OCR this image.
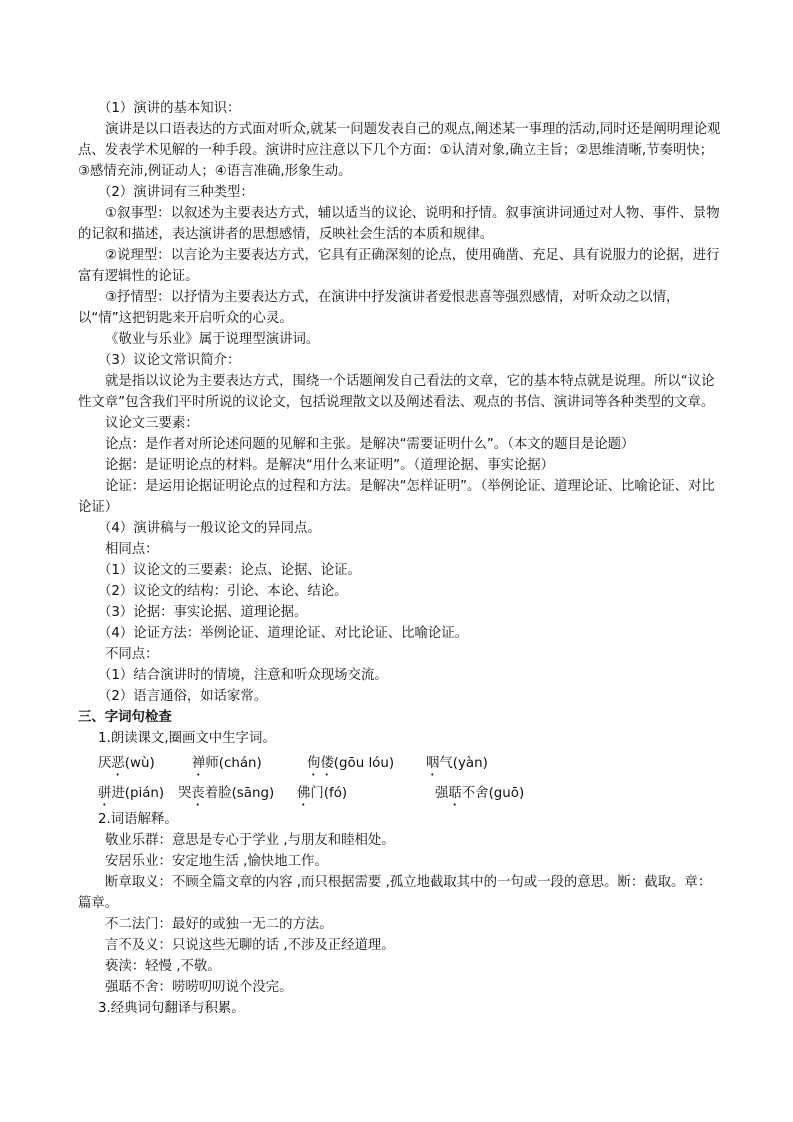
（1）演讲的基本知识：

演讲是以口语表达的方式面对听众,就某一问题发表自己的观点,阐述某一事理的活动,同时还是阐明理论观点、发表学术见解的一种手段。演讲时应注意以下几个方面：①认清对象,确立主旨；②思维清晰,节奏明快；③感情充沛,例证动人；④语言准确,形象生动。

（2）演讲词有三种类型：

①叙事型：以叙述为主要表达方式，辅以适当的议论、说明和抒情。叙事演讲词通过对人物、事件、景物的记叙和描述，表达演讲者的思想感情，反映社会生活的本质和规律。

②说理型：以言论为主要表达方式，它具有正确深刻的论点，使用确凿、充足、具有说服力的论据，进行富有逻辑性的论证。

③抒情型：以抒情为主要表达方式，在演讲中抒发演讲者爱恨悲喜等强烈感情，对听众动之以情，以“情”这把钥匙来开启听众的心灵。

《敬业与乐业》属于说理型演讲词。

（3）议论文常识简介：

就是指以议论为主要表达方式，围绕一个话题阐发自己看法的文章，它的基本特点就是说理。所以“议论性文章”包含我们平时所说的议论文，包括说理散文以及阐述看法、观点的书信、演讲词等各种类型的文章。

议论文三要素：

论点：是作者对所论述问题的见解和主张。是解决“需要证明什么”。（本文的题目是论题）

论据：是证明论点的材料。是解决“用什么来证明”。（道理论据、事实论据）

论证：是运用论据证明论点的过程和方法。是解决“怎样证明”。（举例论证、道理论证、比喻论证、对比论证）

（4）演讲稿与一般议论文的异同点。

相同点：

（1）议论文的三要素：论点、论据、论证。

（2）议论文的结构：引论、本论、结论。

（3）论据：事实论据、道理论据。

（4）论证方法：举例论证、道理论证、对比论证、比喻论证。

不同点：

（1）结合演讲时的情境，注意和听众现场交流。

（2）语言通俗，如话家常。

三、字词句检查

1.朗读课文,圈画文中生字词。

厌恶(wù)	禅师(chán)	佝偻(gōu lóu)	咽气(yàn)
骈进(pián)	哭丧着脸(sāng)	佛门(fó)	强聒不舍(guō)

2.词语解释。

敬业乐群：意思是专心于学业 ,与朋友和睦相处。

安居乐业：安定地生活 ,愉快地工作。

断章取义：不顾全篇文章的内容 ,而只根据需要 ,孤立地截取其中的一句或一段的意思。断：截取。章：篇章。

不二法门：最好的或独一无二的方法。

言不及义：只说这些无聊的话 ,不涉及正经道理。

亵渎：轻慢 ,不敬。

强聒不舍：唠唠叨叨说个没完。

3.经典词句翻译与积累。
